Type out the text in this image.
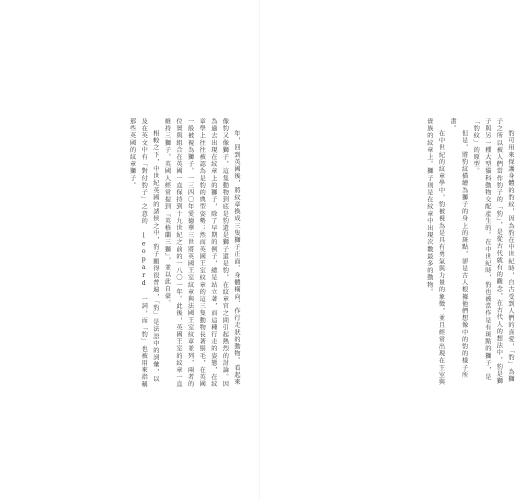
年，回到英國後，將紋章換成三隻獅子正面、身體橫向、作行走狀的動物。看起來像豹又像獅子，這隻動物到底是豹還是獅子還是豹，在紋章官之間引起熱烈的討論。因為過去出現在紋章上的獅子，除了早期的例子，總是站立著，而這種行走的姿態，在紋章學上往往被認為是豹的典型姿勢；然而英國王室紋章的這三隻動物長著鬃毛，在英國一般被視為獅子。一三四〇年愛德華三世將英國王室紋章與法國王室紋章並列，兩者的位置與組合在英國一直保持到十九世紀之前的一八〇一年。此後，英國王室的紋章一直維持三獅子。英國人經常提到『英格蘭三獅』，並以此自豪。
相較之下，中世紀英國的諸侯之中，豹子顯得很普遍，「豹」是法語中的詞彙，以及在英文中有「對付豹子」之意的 leopard 一詞，而「豹」也被用來指稱那些英國的紋章獅子。	豹可用來保護身體的豹紋，因為豹在中世紀時，自古受到人們的喜愛，「豹」為獅子之所以被人們當作豹子的「豹」，是從古代就有的觀念，在古代人的想法中，豹是獅子與另一種大型貓科動物交配產生的。在中世紀時，豹也被當作是有斑點的獅子，是「豹紋」的原型。
但是，將豹紋描繪為獅子的身上的斑點，卻是古人根據他們想像中的豹的樣子所畫。
在中世紀的紋章學中，豹被視為是具有勇氣與力量的象徵，並且經常出現在王室與貴族的紋章上。獅子則是在紋章中出現次數最多的動物。
